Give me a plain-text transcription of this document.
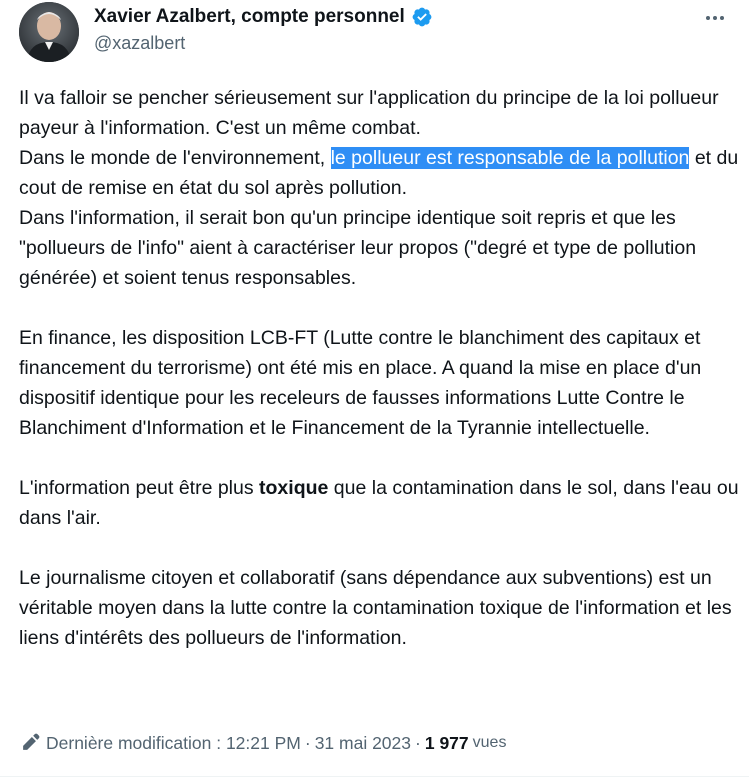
Xavier Azalbert, compte personnel
@xazalbert

Il va falloir se pencher sérieusement sur l'application du principe de la loi pollueur payeur à l'information. C'est un même combat.
Dans le monde de l'environnement, le pollueur est responsable de la pollution et du cout de remise en état du sol après pollution.
Dans l'information, il serait bon qu'un principe identique soit repris et que les "pollueurs de l'info" aient à caractériser leur propos ("degré et type de pollution générée) et soient tenus responsables.

En finance, les disposition LCB-FT (Lutte contre le blanchiment des capitaux et financement du terrorisme) ont été mis en place. A quand la mise en place d'un dispositif identique pour les receleurs de fausses informations Lutte Contre le Blanchiment d'Information et le Financement de la Tyrannie intellectuelle.

L'information peut être plus toxique que la contamination dans le sol, dans l'eau ou dans l'air.

Le journalisme citoyen et collaboratif (sans dépendance aux subventions) est un véritable moyen dans la lutte contre la contamination toxique de l'information et les liens d'intérêts des pollueurs de l'information.

Dernière modification :
12:21 PM · 31 mai 2023 · 1 977 vues
